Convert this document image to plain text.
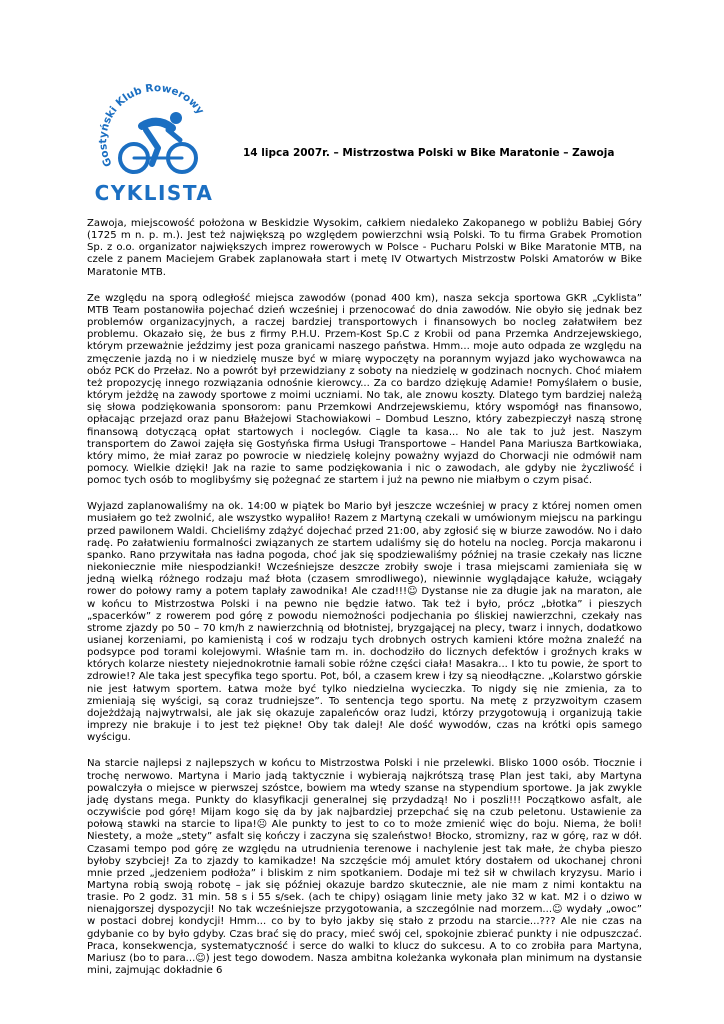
Gostyński Klub Rowerowy
CYKLISTA
14 lipca 2007r. – Mistrzostwa Polski w Bike Maratonie – Zawoja

Zawoja, miejscowość położona w Beskidzie Wysokim, całkiem niedaleko Zakopanego w pobliżu Babiej Góry (1725 m n. p. m.). Jest też największą po względem powierzchni wsią Polski. To tu firma Grabek Promotion Sp. z o.o. organizator największych imprez rowerowych w Polsce - Pucharu Polski w Bike Maratonie MTB, na czele z panem Maciejem Grabek zaplanowała start i metę IV Otwartych Mistrzostw Polski Amatorów w Bike Maratonie MTB.

Ze względu na sporą odległość miejsca zawodów (ponad 400 km), nasza sekcja sportowa GKR „Cyklista” MTB Team postanowiła pojechać dzień wcześniej i przenocować do dnia zawodów. Nie obyło się jednak bez problemów organizacyjnych, a raczej bardziej transportowych i finansowych bo nocleg załatwiłem bez problemu. Okazało się, że bus z firmy P.H.U. Przem-Kost Sp.C z Krobii od pana Przemka Andrzejewskiego, którym przeważnie jeździmy jest poza granicami naszego państwa. Hmm... moje auto odpada ze względu na zmęczenie jazdą no i w niedzielę musze być w miarę wypoczęty na porannym wyjazd jako wychowawca na obóz PCK do Przełaz. No a powrót był przewidziany z soboty na niedzielę w godzinach nocnych. Choć miałem też propozycję innego rozwiązania odnośnie kierowcy... Za co bardzo dziękuję Adamie! Pomyślałem o busie, którym jeżdżę na zawody sportowe z moimi uczniami. No tak, ale znowu koszty. Dlatego tym bardziej należą się słowa podziękowania sponsorom: panu Przemkowi Andrzejewskiemu, który wspomógł nas finansowo, opłacając przejazd oraz panu Błażejowi Stachowiakowi – Dombud Leszno, który zabezpieczył naszą stronę finansową dotyczącą opłat startowych i noclegów. Ciągle ta kasa... No ale tak to już jest. Naszym transportem do Zawoi zajęła się Gostyńska firma Usługi Transportowe – Handel Pana Mariusza Bartkowiaka, który mimo, że miał zaraz po powrocie w niedzielę kolejny poważny wyjazd do Chorwacji nie odmówił nam pomocy. Wielkie dzięki! Jak na razie to same podziękowania i nic o zawodach, ale gdyby nie życzliwość i pomoc tych osób to moglibyśmy się pożegnać ze startem i już na pewno nie miałbym o czym pisać.

Wyjazd zaplanowaliśmy na ok. 14:00 w piątek bo Mario był jeszcze wcześniej w pracy z której nomen omen musiałem go też zwolnić, ale wszystko wypaliło! Razem z Martyną czekali w umówionym miejscu na parkingu przed pawilonem Waldi. Chcieliśmy zdążyć dojechać przed 21:00, aby zgłosić się w biurze zawodów. No i dało radę. Po załatwieniu formalności związanych ze startem udaliśmy się do hotelu na nocleg. Porcja makaronu i spanko. Rano przywitała nas ładna pogoda, choć jak się spodziewaliśmy później na trasie czekały nas liczne niekoniecznie miłe niespodzianki! Wcześniejsze deszcze zrobiły swoje i trasa miejscami zamieniała się w jedną wielką różnego rodzaju maź błota (czasem smrodliwego), niewinnie wyglądające kałuże, wciągały rower do połowy ramy a potem taplały zawodnika! Ale czad!!!☺ Dystanse nie za długie jak na maraton, ale w końcu to Mistrzostwa Polski i na pewno nie będzie łatwo. Tak też i było, prócz „błotka” i pieszych „spacerków” z rowerem pod górę z powodu niemożności podjechania po śliskiej nawierzchni, czekały nas strome zjazdy po 50 – 70 km/h z nawierzchnią od błotnistej, bryzgającej na plecy, twarz i innych, dodatkowo usianej korzeniami, po kamienistą i coś w rodzaju tych drobnych ostrych kamieni które można znaleźć na podsypce pod torami kolejowymi. Właśnie tam m. in. dochodziło do licznych defektów i groźnych kraks w których kolarze niestety niejednokrotnie łamali sobie różne części ciała! Masakra... I kto tu powie, że sport to zdrowie!? Ale taka jest specyfika tego sportu. Pot, ból, a czasem krew i łzy są nieodłączne. „Kolarstwo górskie nie jest łatwym sportem. Łatwa może być tylko niedzielna wycieczka. To nigdy się nie zmienia, za to zmieniają się wyścigi, są coraz trudniejsze”. To sentencja tego sportu. Na metę z przyzwoitym czasem dojeżdżają najwytrwalsi, ale jak się okazuje zapaleńców oraz ludzi, którzy przygotowują i organizują takie imprezy nie brakuje i to jest też piękne! Oby tak dalej! Ale dość wywodów, czas na krótki opis samego wyścigu.

Na starcie najlepsi z najlepszych w końcu to Mistrzostwa Polski i nie przelewki. Blisko 1000 osób. Tłocznie i trochę nerwowo. Martyna i Mario jadą taktycznie i wybierają najkrótszą trasę Plan jest taki, aby Martyna powalczyła o miejsce w pierwszej szóstce, bowiem ma wtedy szanse na stypendium sportowe. Ja jak zwykle jadę dystans mega. Punkty do klasyfikacji generalnej się przydadzą! No i poszli!!! Początkowo asfalt, ale oczywiście pod górę! Mijam kogo się da by jak najbardziej przepchać się na czub peletonu. Ustawienie za połową stawki na starcie to lipa!☹ Ale punkty to jest to co to może zmienić więc do boju. Niema, że boli! Niestety, a może „stety” asfalt się kończy i zaczyna się szaleństwo! Błocko, stromizny, raz w górę, raz w dół. Czasami tempo pod górę ze względu na utrudnienia terenowe i nachylenie jest tak małe, że chyba pieszo byłoby szybciej! Za to zjazdy to kamikadze! Na szczęście mój amulet który dostałem od ukochanej chroni mnie przed „jedzeniem podłoża” i bliskim z nim spotkaniem. Dodaje mi też sił w chwilach kryzysu. Mario i Martyna robią swoją robotę – jak się później okazuje bardzo skutecznie, ale nie mam z nimi kontaktu na trasie. Po 2 godz. 31 min. 58 s i 55 s/sek. (ach te chipy) osiągam linie mety jako 32 w kat. M2 i o dziwo w nienajgorszej dyspozycji! No tak wcześniejsze przygotowania, a szczególnie nad morzem...☺ wydały „owoc” w postaci dobrej kondycji! Hmm... co by to było jakby się stało z przodu na starcie...??? Ale nie czas na gdybanie co by było gdyby. Czas brać się do pracy, mieć swój cel, spokojnie zbierać punkty i nie odpuszczać. Praca, konsekwencja, systematyczność i serce do walki to klucz do sukcesu. A to co zrobiła para Martyna, Mariusz (bo to para...☺) jest tego dowodem. Nasza ambitna koleżanka wykonała plan minimum na dystansie mini, zajmując dokładnie 6
